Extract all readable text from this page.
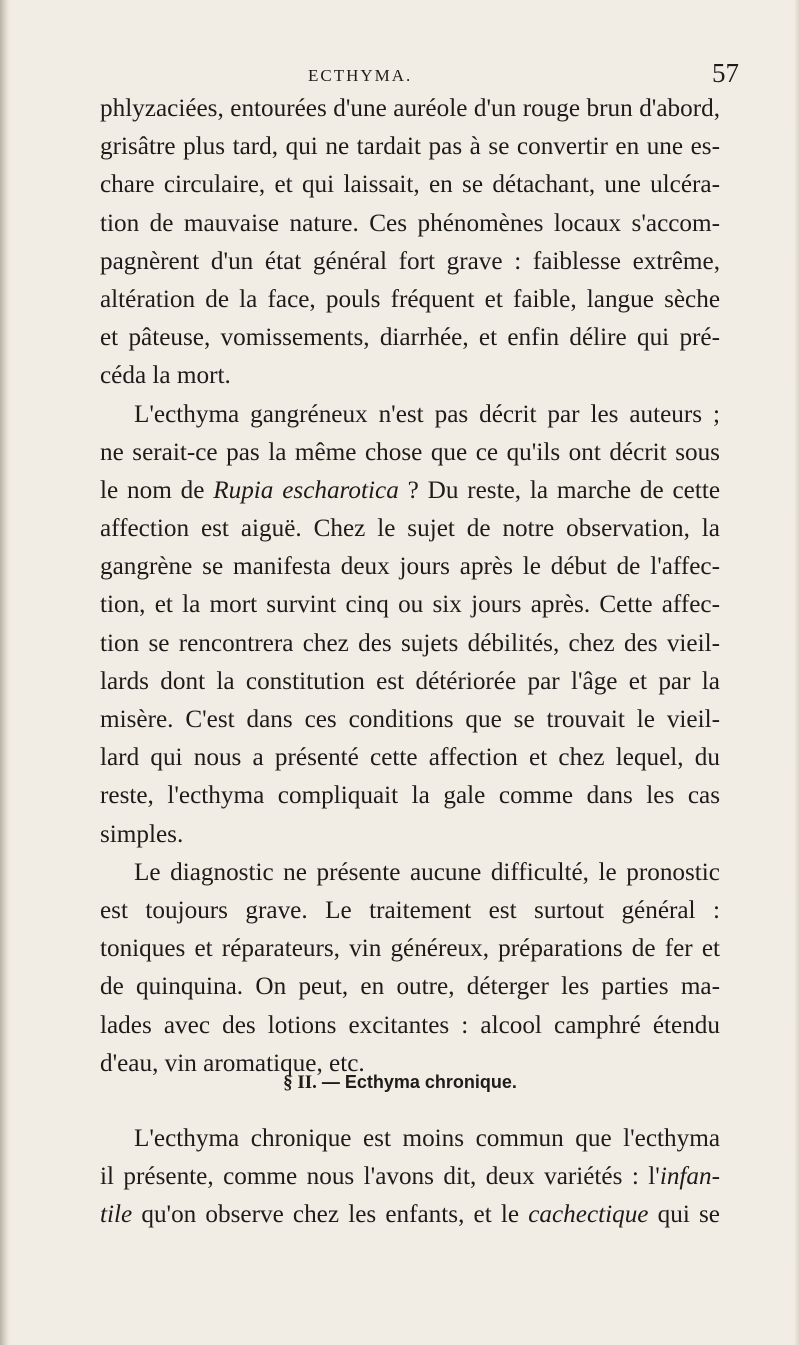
ECTHYMA.	57
phlyzaciées, entourées d'une auréole d'un rouge brun d'abord,
grisâtre plus tard, qui ne tardait pas à se convertir en une es-
chare circulaire, et qui laissait, en se détachant, une ulcéra-
tion de mauvaise nature. Ces phénomènes locaux s'accom-
pagnèrent d'un état général fort grave : faiblesse extrême,
altération de la face, pouls fréquent et faible, langue sèche
et pâteuse, vomissements, diarrhée, et enfin délire qui pré-
céda la mort.
L'ecthyma gangréneux n'est pas décrit par les auteurs ;
ne serait-ce pas la même chose que ce qu'ils ont décrit sous
le nom de Rupia escharotica ? Du reste, la marche de cette
affection est aiguë. Chez le sujet de notre observation, la
gangrène se manifesta deux jours après le début de l'affec-
tion, et la mort survint cinq ou six jours après. Cette affec-
tion se rencontrera chez des sujets débilités, chez des vieil-
lards dont la constitution est détériorée par l'âge et par la
misère. C'est dans ces conditions que se trouvait le vieil-
lard qui nous a présenté cette affection et chez lequel, du
reste, l'ecthyma compliquait la gale comme dans les cas
simples.
Le diagnostic ne présente aucune difficulté, le pronostic
est toujours grave. Le traitement est surtout général :
toniques et réparateurs, vin généreux, préparations de fer et
de quinquina. On peut, en outre, déterger les parties ma-
lades avec des lotions excitantes : alcool camphré étendu
d'eau, vin aromatique, etc.
§ II. — Ecthyma chronique.
L'ecthyma chronique est moins commun que l'ecthyma
il présente, comme nous l'avons dit, deux variétés : l'infan-
tile qu'on observe chez les enfants, et le cachectique qui se
